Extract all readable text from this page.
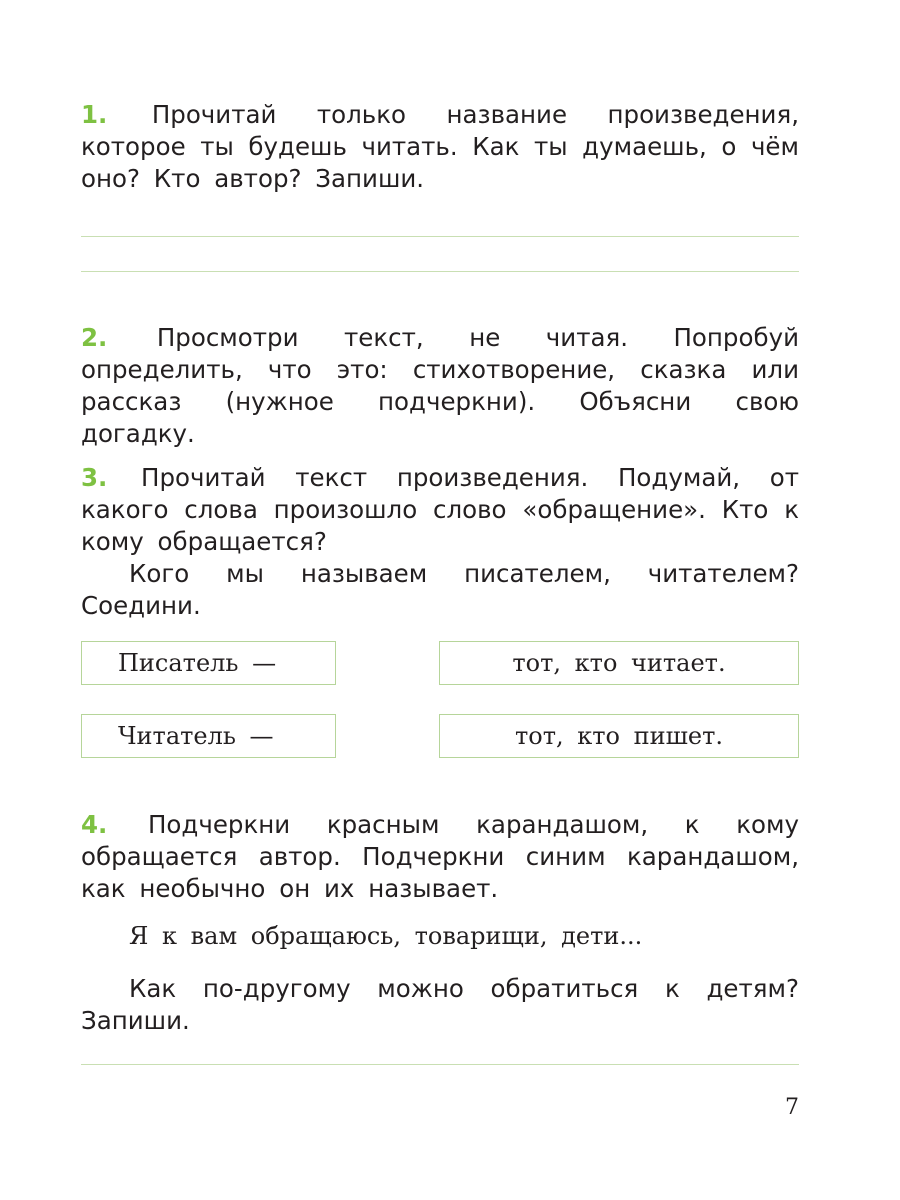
1. Прочитай только название произведения, которое ты будешь читать. Как ты думаешь, о чём оно? Кто автор? Запиши.

2. Просмотри текст, не читая. Попробуй определить, что это: стихотворение, сказка или рассказ (нужное подчеркни). Объясни свою догадку.

3. Прочитай текст произведения. Подумай, от какого слова произошло слово «обращение». Кто к кому обращается?

Кого мы называем писателем, читателем? Соедини.

Писатель —	тот, кто читает.
Читатель —	тот, кто пишет.

4. Подчеркни красным карандашом, к кому обращается автор. Подчеркни синим карандашом, как необычно он их называет.

Я к вам обращаюсь, товарищи, дети...

Как по-другому можно обратиться к детям? Запиши.

7
